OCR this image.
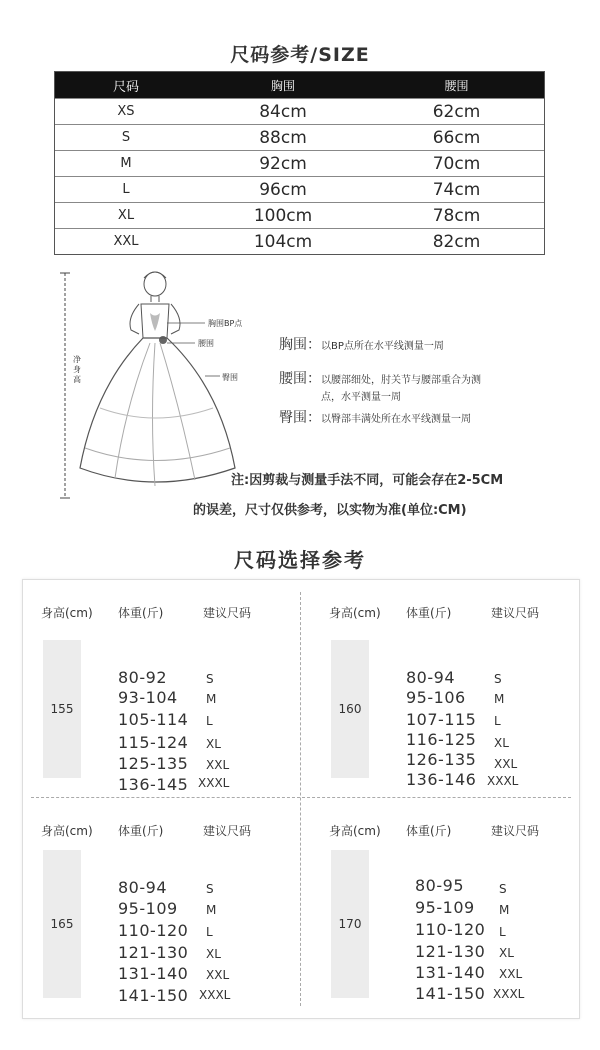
尺码参考/SIZE
尺码	胸围	腰围
XS	84cm	62cm
S	88cm	66cm
M	92cm	70cm
L	96cm	74cm
XL	100cm	78cm
XXL	104cm	82cm
净身高
胸围BP点
腰围
臀围
胸围：以BP点所在水平线测量一周
腰围：以腰部细处，肘关节与腰部重合为测
点，水平测量一周
臀围：以臀部丰满处所在水平线测量一周
注:因剪裁与测量手法不同，可能会存在2-5CM
的误差，尺寸仅供参考，以实物为准(单位:CM)
尺码选择参考
身高(cm) 体重(斤)	建议尺码
155
80-92	S
93-104 M
105-114 L
115-124 XL
125-135 XXL
136-145 XXXL
身高(cm) 体重(斤)	建议尺码
160
80-94	S
95-106 M
107-115 L
116-125 XL
126-135 XXL
136-146 XXXL
身高(cm) 体重(斤)	建议尺码
165
80-94	S
95-109 M
110-120 L
121-130 XL
131-140 XXL
141-150 XXXL
身高(cm) 体重(斤)	建议尺码
170
80-95	S
95-109 M
110-120 L
121-130 XL
131-140 XXL
141-150 XXXL
